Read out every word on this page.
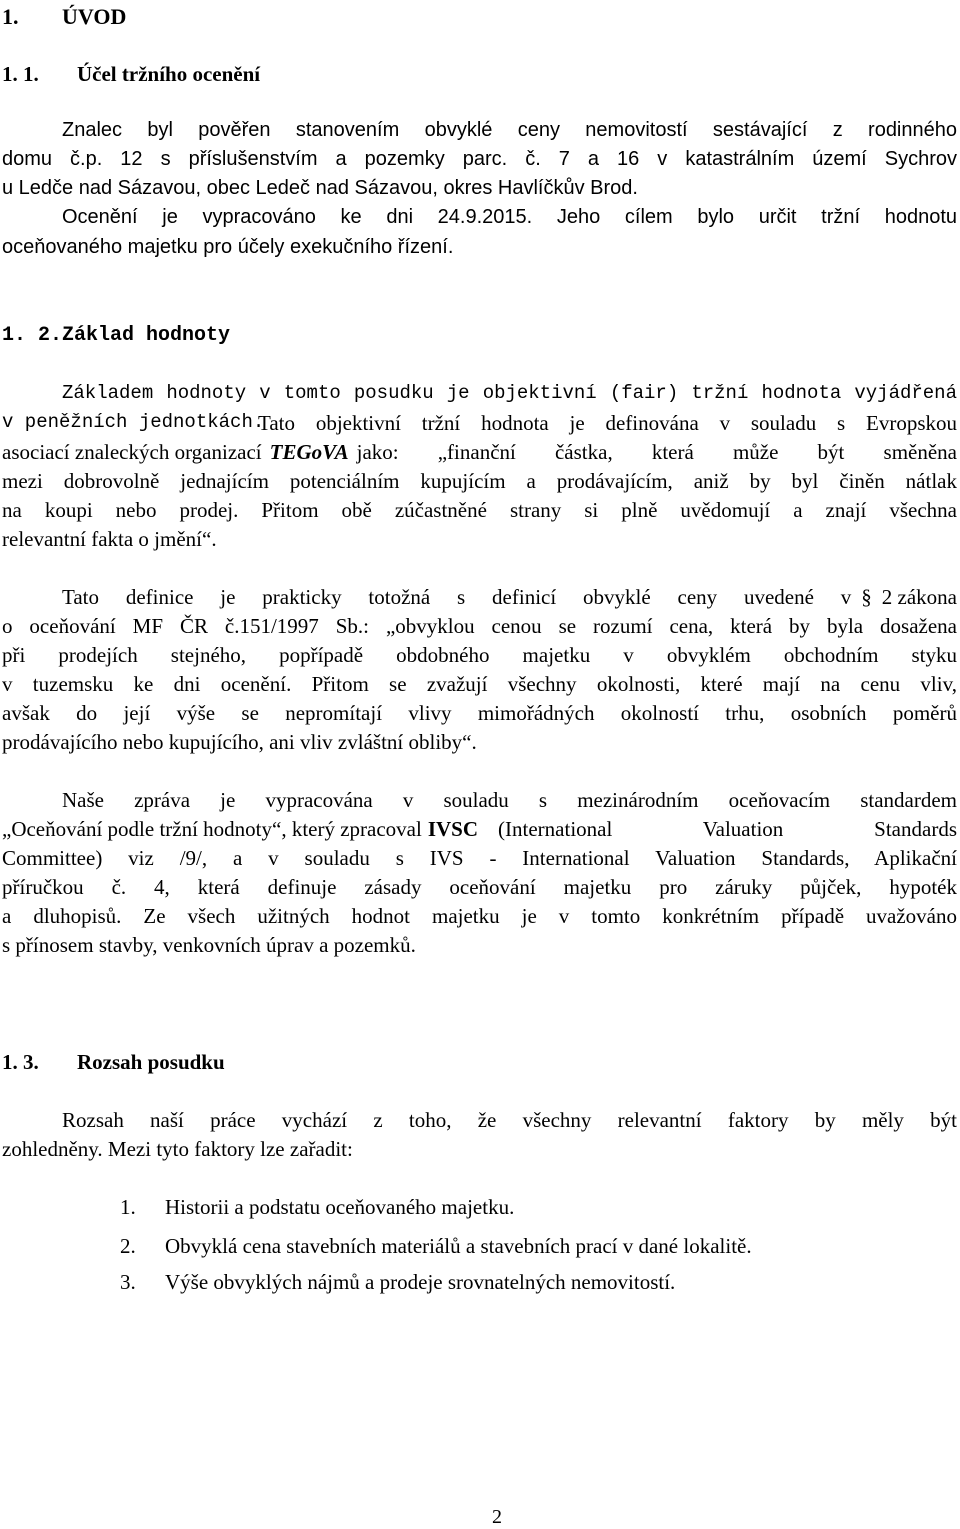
1. ÚVOD
1. 1. Účel tržního ocenění
Znalec byl pověřen stanovením obvyklé ceny nemovitostí sestávající z rodinného
domu č.p. 12 s příslušenstvím a pozemky parc. č. 7 a 16 v katastrálním území Sychrov
u Ledče nad Sázavou, obec Ledeč nad Sázavou, okres Havlíčkův Brod.
Ocenění je vypracováno ke dni 24.9.2015. Jeho cílem bylo určit tržní hodnotu
oceňovaného majetku pro účely exekučního řízení.
1. 2. Základ hodnoty
Základem hodnoty v tomto posudku je objektivní (fair) tržní hodnota vyjádřená
v peněžních jednotkách.
Tato objektivní tržní hodnota je definována v souladu s Evropskou
asociací znaleckých organizací TEGoVA jako: „finanční částka, která může být směněna
mezi dobrovolně jednajícím potenciálním kupujícím a prodávajícím, aniž by byl činěn nátlak
na koupi nebo prodej. Přitom obě zúčastněné strany si plně uvědomují a znají všechna
relevantní fakta o jmění“.
Tato definice je prakticky totožná s definicí obvyklé ceny uvedené v § 2 zákona
o oceňování MF ČR č.151/1997 Sb.: „obvyklou cenou se rozumí cena, která by byla dosažena
při prodejích stejného, popřípadě obdobného majetku v obvyklém obchodním styku
v tuzemsku ke dni ocenění. Přitom se zvažují všechny okolnosti, které mají na cenu vliv,
avšak do její výše se nepromítají vlivy mimořádných okolností trhu, osobních poměrů
prodávajícího nebo kupujícího, ani vliv zvláštní obliby“.
Naše zpráva je vypracována v souladu s mezinárodním oceňovacím standardem
„Oceňování podle tržní hodnoty“, který zpracoval IVSC (International Valuation Standards
Committee) viz /9/, a v souladu s IVS - International Valuation Standards, Aplikační
příručkou č. 4, která definuje zásady oceňování majetku pro záruky půjček, hypoték
a dluhopisů. Ze všech užitných hodnot majetku je v tomto konkrétním případě uvažováno
s přínosem stavby, venkovních úprav a pozemků.
1. 3. Rozsah posudku
Rozsah naší práce vychází z toho, že všechny relevantní faktory by měly být
zohledněny. Mezi tyto faktory lze zařadit:
1. Historii a podstatu oceňovaného majetku.
2. Obvyklá cena stavebních materiálů a stavebních prací v dané lokalitě.
3. Výše obvyklých nájmů a prodeje srovnatelných nemovitostí.
2
